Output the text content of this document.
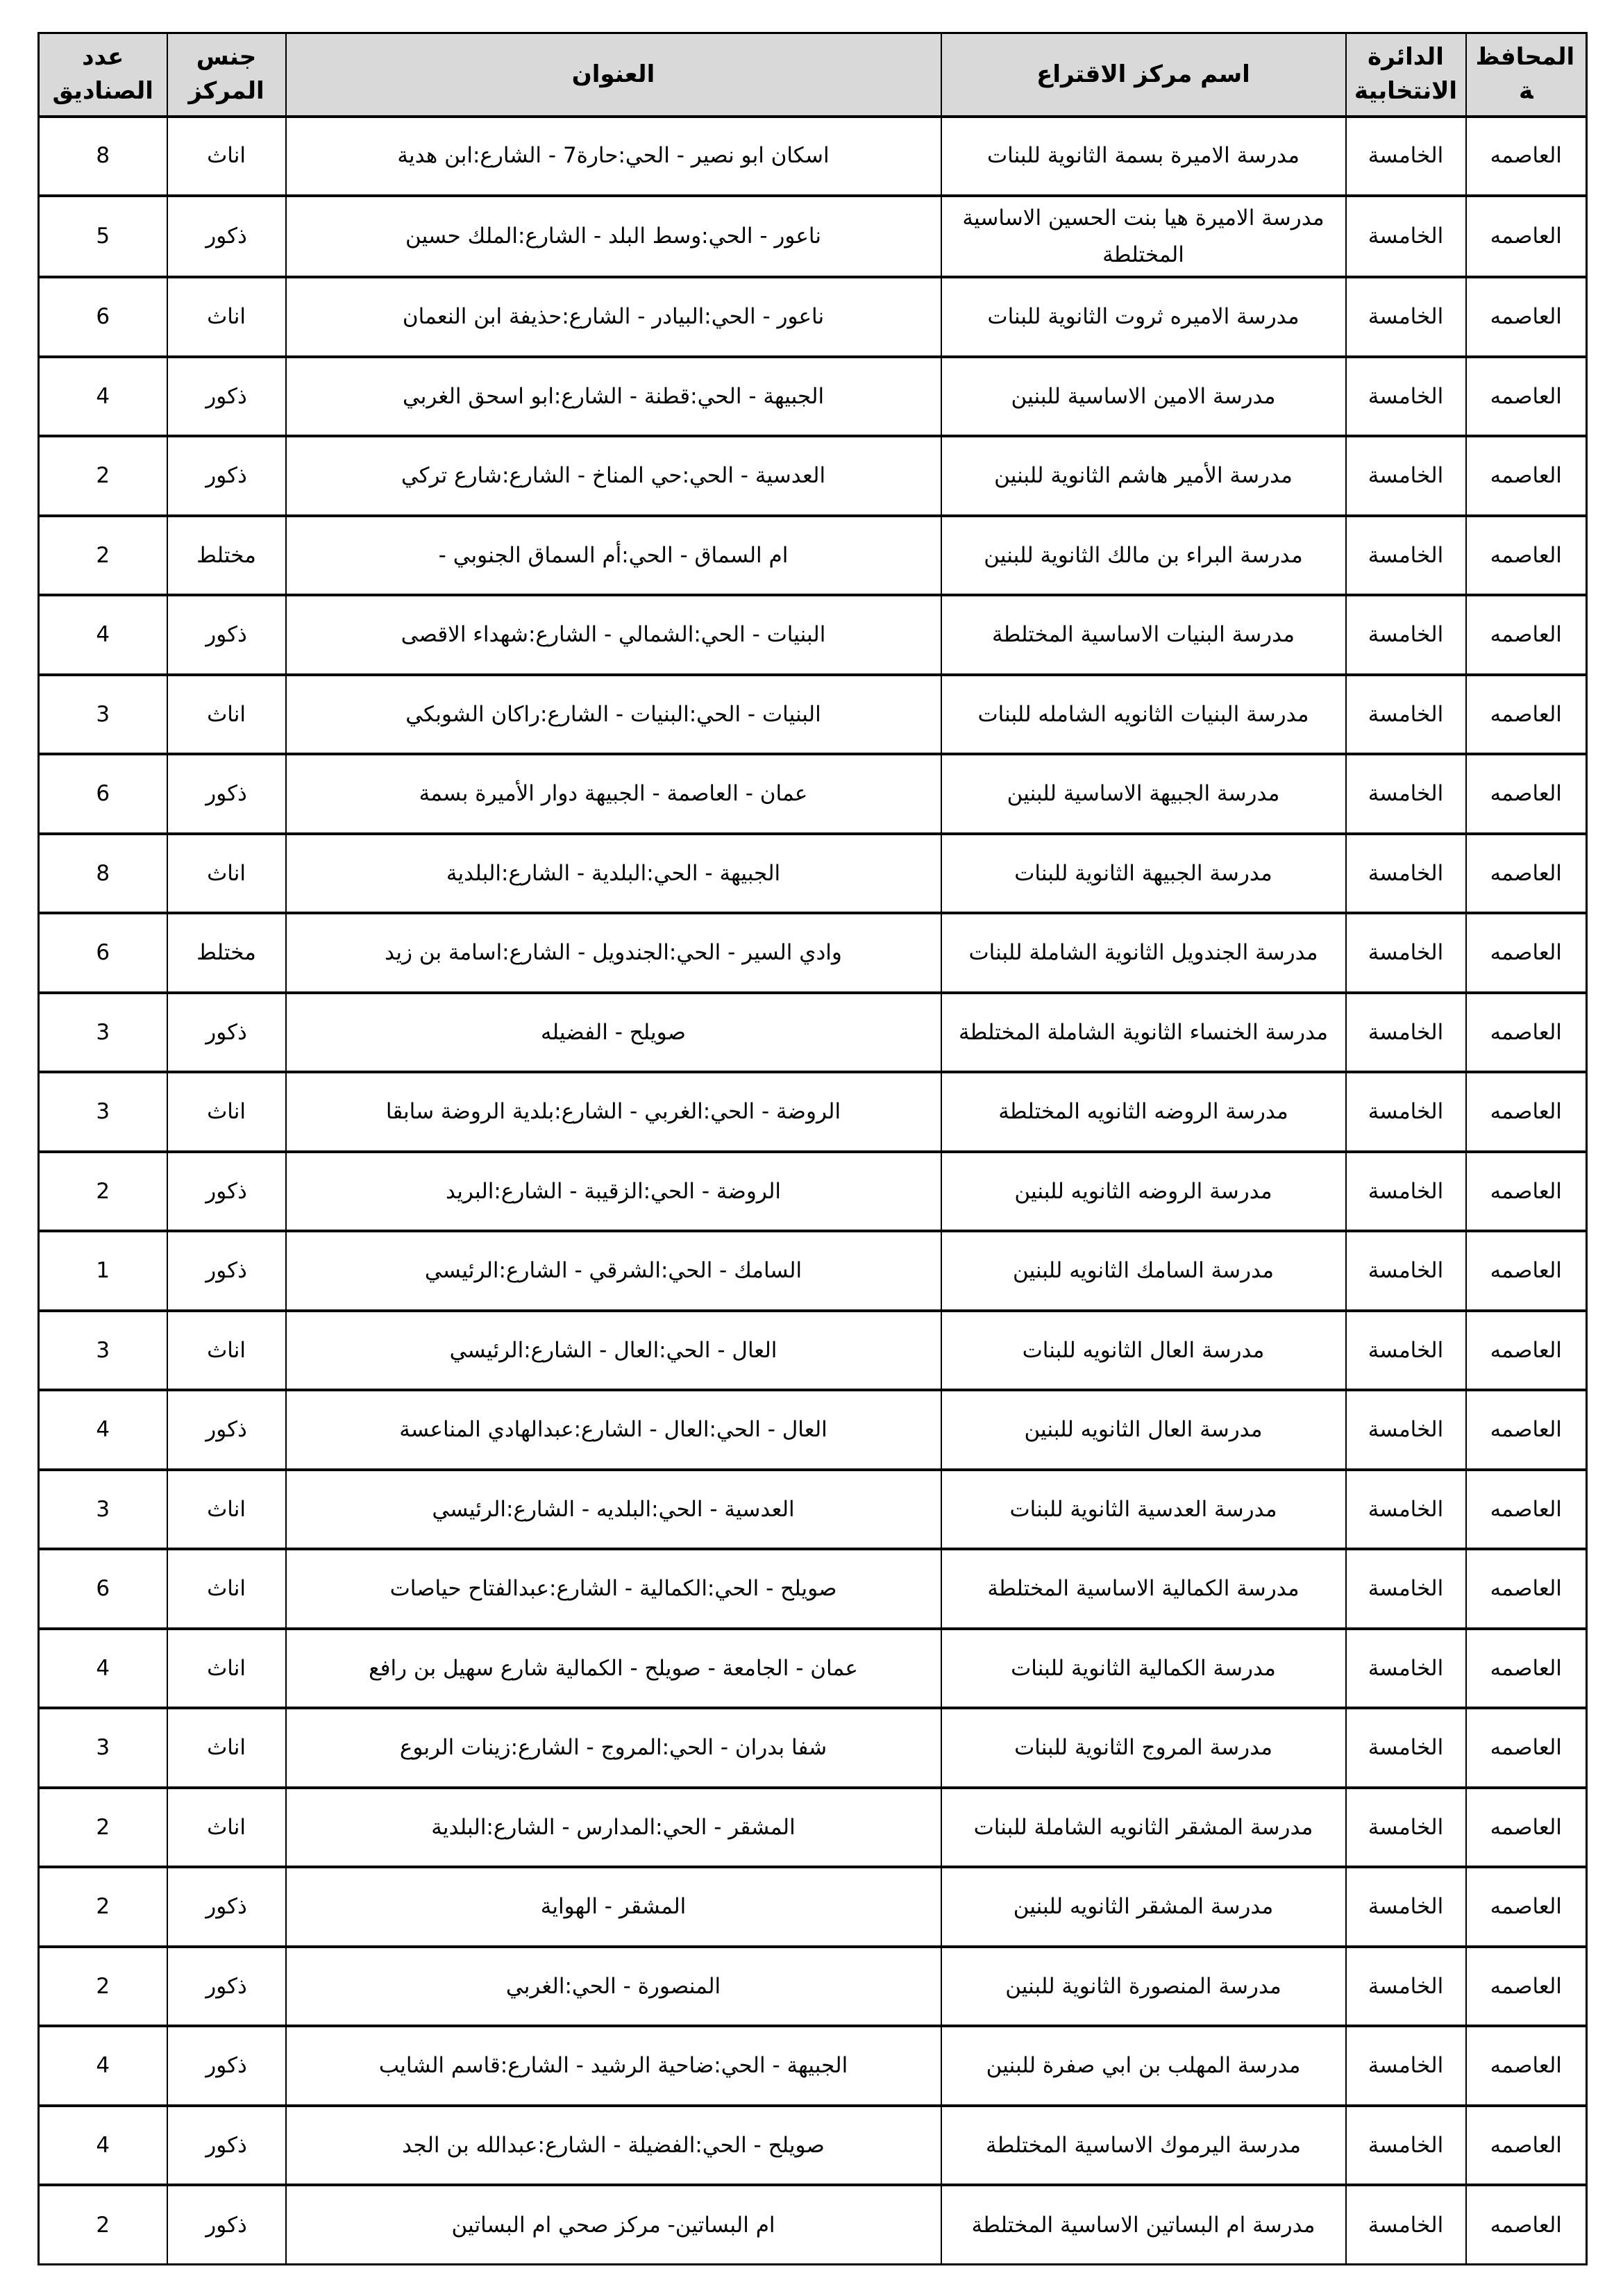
المحافظة	الدائرة الانتخابية	اسم مركز الاقتراع	العنوان	جنس المركز	عدد الصناديق
العاصمه	الخامسة	مدرسة الاميرة بسمة الثانوية للبنات	اسكان ابو نصير - الحي:حارة7 - الشارع:ابن هدية	اناث	8
العاصمه	الخامسة	مدرسة الاميرة هيا بنت الحسين الاساسية المختلطة	ناعور - الحي:وسط البلد - الشارع:الملك حسين	ذكور	5
العاصمه	الخامسة	مدرسة الاميره ثروت الثانوية للبنات	ناعور - الحي:البيادر - الشارع:حذيفة ابن النعمان	اناث	6
العاصمه	الخامسة	مدرسة الامين الاساسية للبنين	الجبيهة - الحي:قطنة - الشارع:ابو اسحق الغربي	ذكور	4
العاصمه	الخامسة	مدرسة الأمير هاشم الثانوية للبنين	العدسية - الحي:حي المناخ - الشارع:شارع تركي	ذكور	2
العاصمه	الخامسة	مدرسة البراء بن مالك الثانوية للبنين	ام السماق - الحي:أم السماق الجنوبي -	مختلط	2
العاصمه	الخامسة	مدرسة البنيات الاساسية المختلطة	البنيات - الحي:الشمالي - الشارع:شهداء الاقصى	ذكور	4
العاصمه	الخامسة	مدرسة البنيات الثانويه الشامله للبنات	البنيات - الحي:البنيات - الشارع:راكان الشوبكي	اناث	3
العاصمه	الخامسة	مدرسة الجبيهة الاساسية للبنين	عمان - العاصمة - الجبيهة دوار الأميرة بسمة	ذكور	6
العاصمه	الخامسة	مدرسة الجبيهة الثانوية للبنات	الجبيهة - الحي:البلدية - الشارع:البلدية	اناث	8
العاصمه	الخامسة	مدرسة الجندويل الثانوية الشاملة للبنات	وادي السير - الحي:الجندويل - الشارع:اسامة بن زيد	مختلط	6
العاصمه	الخامسة	مدرسة الخنساء الثانوية الشاملة المختلطة	صويلح - الفضيله	ذكور	3
العاصمه	الخامسة	مدرسة الروضه الثانويه المختلطة	الروضة - الحي:الغربي - الشارع:بلدية الروضة سابقا	اناث	3
العاصمه	الخامسة	مدرسة الروضه الثانويه للبنين	الروضة - الحي:الزقيبة - الشارع:البريد	ذكور	2
العاصمه	الخامسة	مدرسة السامك الثانويه للبنين	السامك - الحي:الشرقي - الشارع:الرئيسي	ذكور	1
العاصمه	الخامسة	مدرسة العال الثانويه للبنات	العال - الحي:العال - الشارع:الرئيسي	اناث	3
العاصمه	الخامسة	مدرسة العال الثانويه للبنين	العال - الحي:العال - الشارع:عبدالهادي المناعسة	ذكور	4
العاصمه	الخامسة	مدرسة العدسية الثانوية للبنات	العدسية - الحي:البلديه - الشارع:الرئيسي	اناث	3
العاصمه	الخامسة	مدرسة الكمالية الاساسية المختلطة	صويلح - الحي:الكمالية - الشارع:عبدالفتاح حياصات	اناث	6
العاصمه	الخامسة	مدرسة الكمالية الثانوية للبنات	عمان - الجامعة - صويلح - الكمالية شارع سهيل بن رافع	اناث	4
العاصمه	الخامسة	مدرسة المروج الثانوية للبنات	شفا بدران - الحي:المروج - الشارع:زينات الربوع	اناث	3
العاصمه	الخامسة	مدرسة المشقر الثانويه الشاملة للبنات	المشقر - الحي:المدارس - الشارع:البلدية	اناث	2
العاصمه	الخامسة	مدرسة المشقر الثانويه للبنين	المشقر - الهواية	ذكور	2
العاصمه	الخامسة	مدرسة المنصورة الثانوية للبنين	المنصورة - الحي:الغربي	ذكور	2
العاصمه	الخامسة	مدرسة المهلب بن ابي صفرة للبنين	الجبيهة - الحي:ضاحية الرشيد - الشارع:قاسم الشايب	ذكور	4
العاصمه	الخامسة	مدرسة اليرموك الاساسية المختلطة	صويلح - الحي:الفضيلة - الشارع:عبدالله بن الجد	ذكور	4
العاصمه	الخامسة	مدرسة ام البساتين الاساسية المختلطة	ام البساتين- مركز صحي ام البساتين	ذكور	2
